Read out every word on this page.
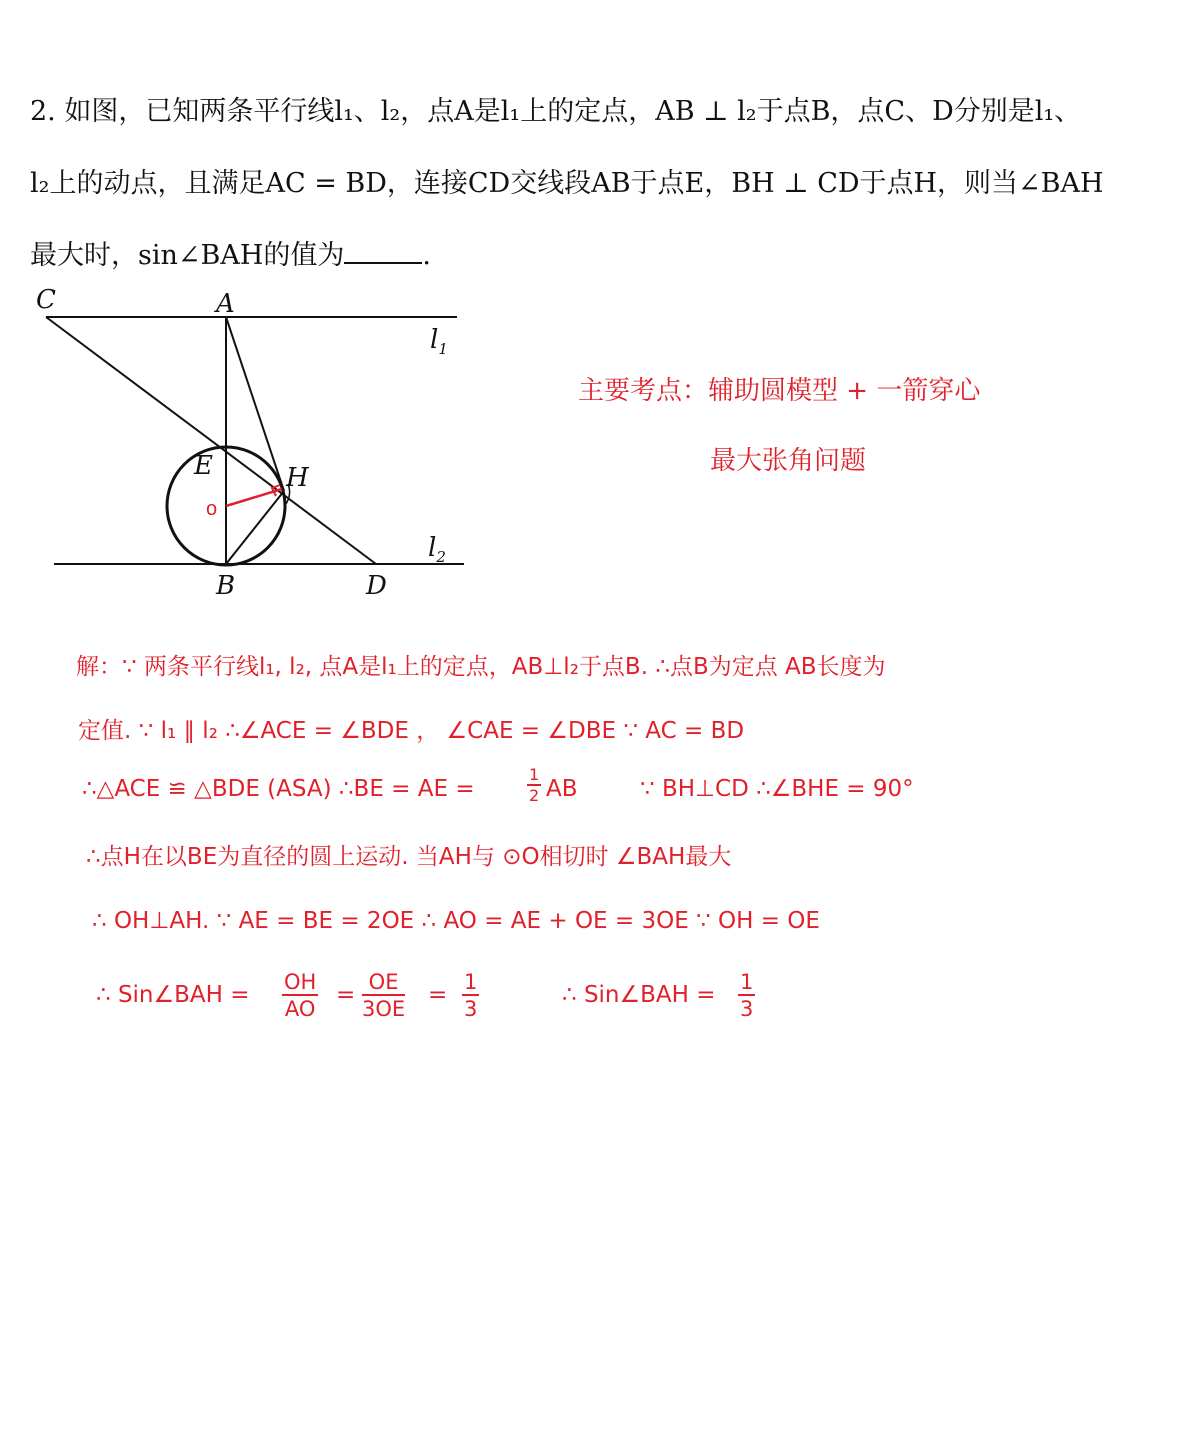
2. 如图，已知两条平行线l₁、l₂，点A是l₁上的定点，AB ⊥ l₂于点B，点C、D分别是l₁、
l₂上的动点，且满足AC = BD，连接CD交线段AB于点E，BH ⊥ CD于点H，则当∠BAH
最大时，sin∠BAH的值为	.
C	A
$l_1$
E	H
o
B	D
$l_2$
主要考点：辅助圆模型 + 一箭穿心
最大张角问题
解：∵ 两条平行线l₁, l₂, 点A是l₁上的定点，AB⊥l₂于点B. ∴点B为定点 AB长度为
定值. ∵ l₁ ∥ l₂ ∴∠ACE = ∠BDE ， ∠CAE = ∠DBE ∵ AC = BD
∴△ACE ≌ △BDE (ASA) ∴BE = AE =	$\frac{1}{2}$ AB	∵ BH⊥CD ∴∠BHE = 90°
∴点H在以BE为直径的圆上运动. 当AH与 ⊙O相切时 ∠BAH最大
∴ OH⊥AH. ∵ AE = BE = 2OE ∴ AO = AE + OE = 3OE ∵ OH = OE
∴ Sin∠BAH = $\frac{OH}{AO} = \frac{OE}{3OE} = \frac{1}{3}$	∴ Sin∠BAH = $\frac{1}{3}$
